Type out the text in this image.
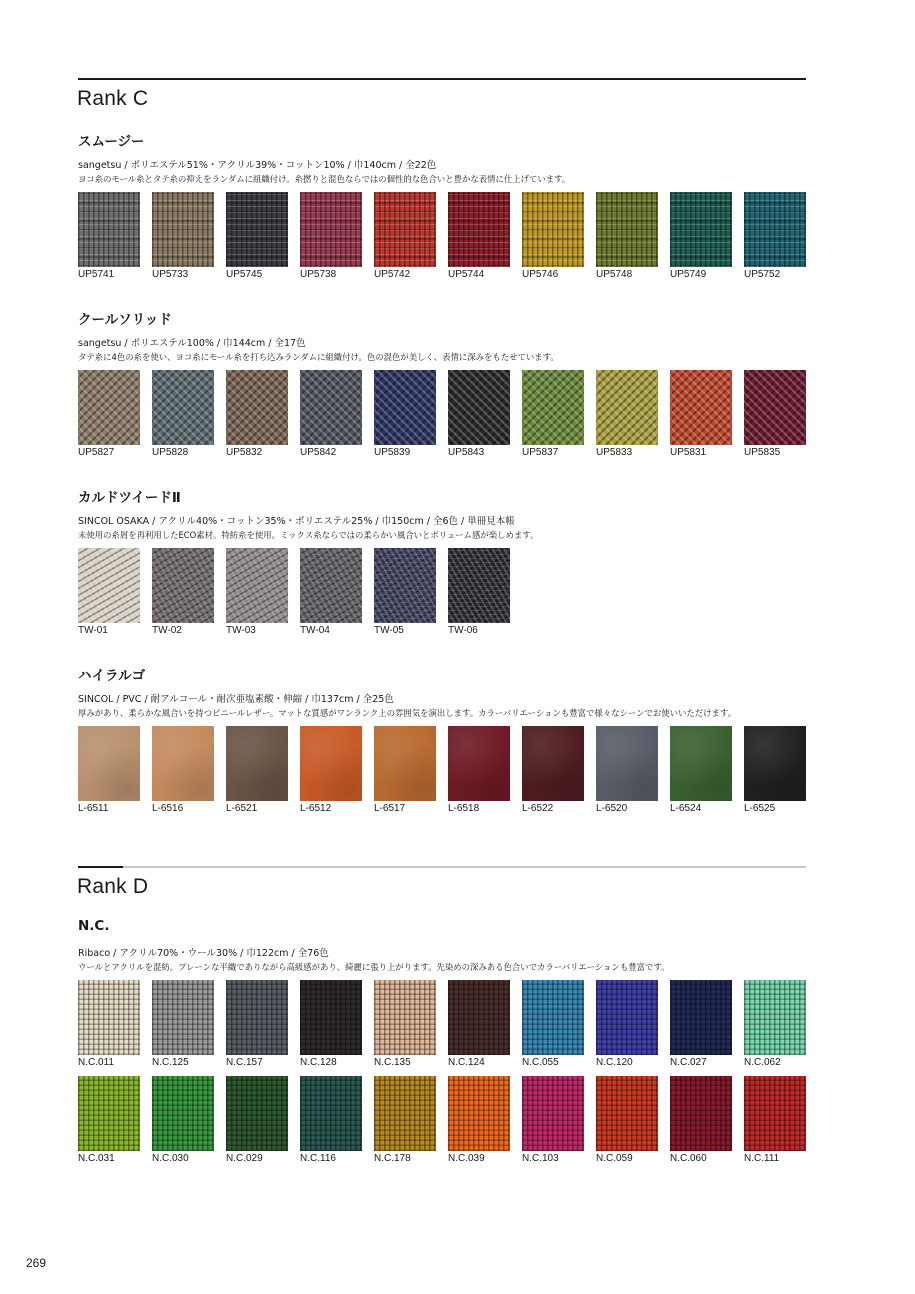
Rank C
スムージー
sangetsu / ポリエステル51%・アクリル39%・コットン10% / 巾140cm / 全22色
ヨコ糸のモール糸とタテ糸の抑えをランダムに組織付け。糸撚りと混色ならではの個性的な色合いと豊かな表情に仕上げています。
UP5741	UP5733	UP5745	UP5738	UP5742	UP5744	UP5746	UP5748	UP5749	UP5752
クールソリッド
sangetsu / ポリエステル100% / 巾144cm / 全17色
タテ糸に4色の糸を使い、ヨコ糸にモール糸を打ち込みランダムに組織付け。色の混色が美しく、表情に深みをもたせています。
UP5827	UP5828	UP5832	UP5842	UP5839	UP5843	UP5837	UP5833	UP5831	UP5835
カルドツイードⅡ
SINCOL OSAKA / アクリル40%・コットン35%・ポリエステル25% / 巾150cm / 全6色 / 単冊見本帳
未使用の糸屑を再利用したECO素材。特紡糸を使用。ミックス糸ならではの柔らかい風合いとボリューム感が楽しめます。
TW-01	TW-02	TW-03	TW-04	TW-05	TW-06
ハイラルゴ
SINCOL / PVC / 耐アルコール・耐次亜塩素酸・伸縮 / 巾137cm / 全25色
厚みがあり、柔らかな風合いを持つビニールレザー。マットな質感がワンランク上の雰囲気を演出します。カラーバリエーションも豊富で様々なシーンでお使いいただけます。
L-6511	L-6516	L-6521	L-6512	L-6517	L-6518	L-6522	L-6520	L-6524	L-6525
Rank D
N.C.
Ribaco / アクリル70%・ウール30% / 巾122cm / 全76色
ウールとアクリルを混紡。プレーンな平織でありながら高級感があり、綺麗に張り上がります。先染めの深みある色合いでカラーバリエーションも豊富です。
N.C.011	N.C.125	N.C.157	N.C.128	N.C.135	N.C.124	N.C.055	N.C.120	N.C.027	N.C.062
N.C.031	N.C.030	N.C.029	N.C.116	N.C.178	N.C.039	N.C.103	N.C.059	N.C.060	N.C.111
269
